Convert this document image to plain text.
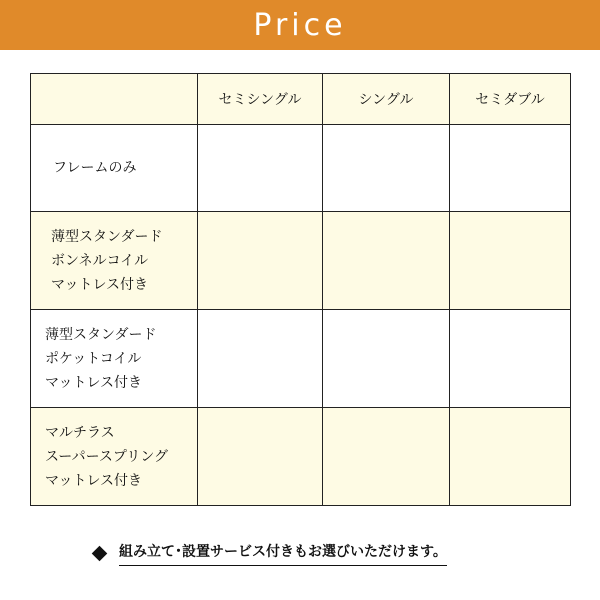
Price
	セミシングル	シングル	セミダブル

フレームのみ			

薄型スタンダード
ボンネルコイル
マットレス付き			

薄型スタンダード
ポケットコイル
マットレス付き			

マルチラス
スーパースプリング
マットレス付き			

組み立て･設置サービス付きもお選びいただけます。
